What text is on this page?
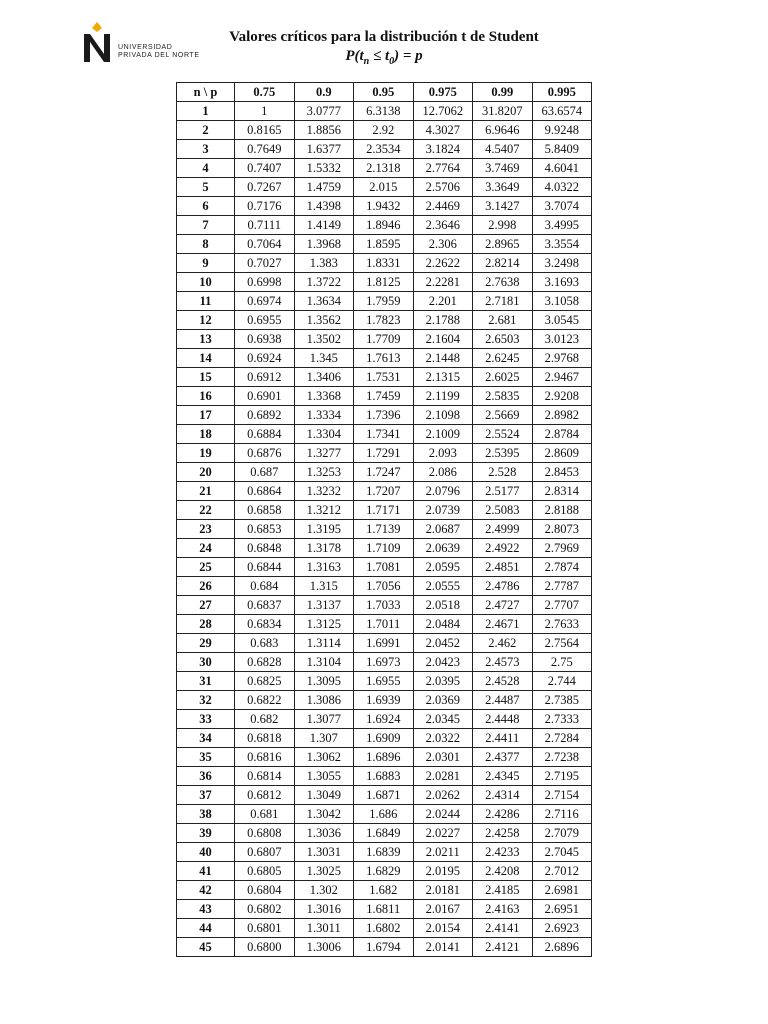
UNIVERSIDAD
PRIVADA DEL NORTE
Valores críticos para la distribución t de Student
$P(t_n \le t_0) = p$
n \ p	0.75	0.9	0.95	0.975	0.99	0.995
1	1	3.0777	6.3138	12.7062	31.8207	63.6574
2	0.8165	1.8856	2.92	4.3027	6.9646	9.9248
3	0.7649	1.6377	2.3534	3.1824	4.5407	5.8409
4	0.7407	1.5332	2.1318	2.7764	3.7469	4.6041
5	0.7267	1.4759	2.015	2.5706	3.3649	4.0322
6	0.7176	1.4398	1.9432	2.4469	3.1427	3.7074
7	0.7111	1.4149	1.8946	2.3646	2.998	3.4995
8	0.7064	1.3968	1.8595	2.306	2.8965	3.3554
9	0.7027	1.383	1.8331	2.2622	2.8214	3.2498
10	0.6998	1.3722	1.8125	2.2281	2.7638	3.1693
11	0.6974	1.3634	1.7959	2.201	2.7181	3.1058
12	0.6955	1.3562	1.7823	2.1788	2.681	3.0545
13	0.6938	1.3502	1.7709	2.1604	2.6503	3.0123
14	0.6924	1.345	1.7613	2.1448	2.6245	2.9768
15	0.6912	1.3406	1.7531	2.1315	2.6025	2.9467
16	0.6901	1.3368	1.7459	2.1199	2.5835	2.9208
17	0.6892	1.3334	1.7396	2.1098	2.5669	2.8982
18	0.6884	1.3304	1.7341	2.1009	2.5524	2.8784
19	0.6876	1.3277	1.7291	2.093	2.5395	2.8609
20	0.687	1.3253	1.7247	2.086	2.528	2.8453
21	0.6864	1.3232	1.7207	2.0796	2.5177	2.8314
22	0.6858	1.3212	1.7171	2.0739	2.5083	2.8188
23	0.6853	1.3195	1.7139	2.0687	2.4999	2.8073
24	0.6848	1.3178	1.7109	2.0639	2.4922	2.7969
25	0.6844	1.3163	1.7081	2.0595	2.4851	2.7874
26	0.684	1.315	1.7056	2.0555	2.4786	2.7787
27	0.6837	1.3137	1.7033	2.0518	2.4727	2.7707
28	0.6834	1.3125	1.7011	2.0484	2.4671	2.7633
29	0.683	1.3114	1.6991	2.0452	2.462	2.7564
30	0.6828	1.3104	1.6973	2.0423	2.4573	2.75
31	0.6825	1.3095	1.6955	2.0395	2.4528	2.744
32	0.6822	1.3086	1.6939	2.0369	2.4487	2.7385
33	0.682	1.3077	1.6924	2.0345	2.4448	2.7333
34	0.6818	1.307	1.6909	2.0322	2.4411	2.7284
35	0.6816	1.3062	1.6896	2.0301	2.4377	2.7238
36	0.6814	1.3055	1.6883	2.0281	2.4345	2.7195
37	0.6812	1.3049	1.6871	2.0262	2.4314	2.7154
38	0.681	1.3042	1.686	2.0244	2.4286	2.7116
39	0.6808	1.3036	1.6849	2.0227	2.4258	2.7079
40	0.6807	1.3031	1.6839	2.0211	2.4233	2.7045
41	0.6805	1.3025	1.6829	2.0195	2.4208	2.7012
42	0.6804	1.302	1.682	2.0181	2.4185	2.6981
43	0.6802	1.3016	1.6811	2.0167	2.4163	2.6951
44	0.6801	1.3011	1.6802	2.0154	2.4141	2.6923
45	0.6800	1.3006	1.6794	2.0141	2.4121	2.6896
